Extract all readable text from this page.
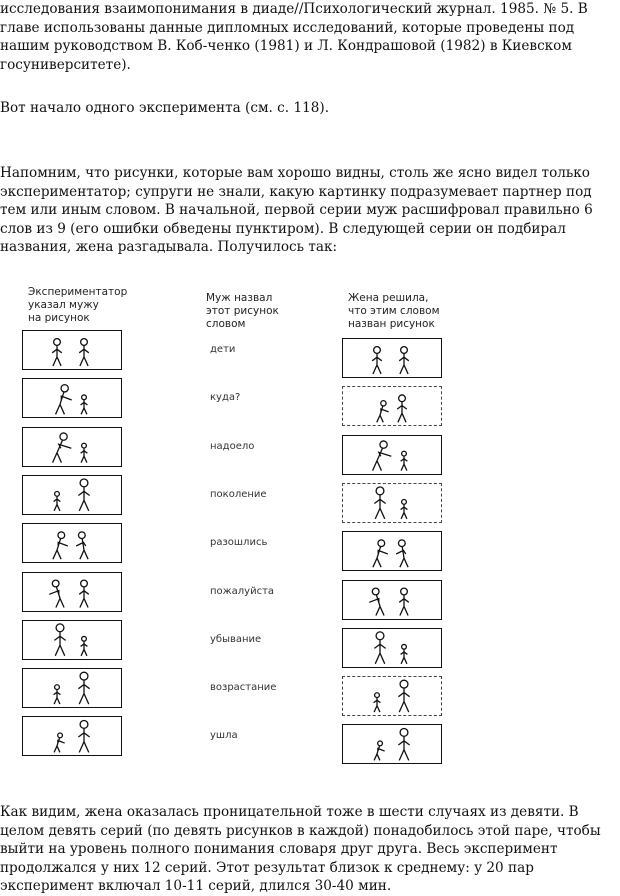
исследования взаимопонимания в диаде//Психологический журнал. 1985. № 5. В главе использованы данные дипломных исследований, которые проведены под нашим руководством В. Коб-ченко (1981) и Л. Кондрашовой (1982) в Киевском госуниверситете).

Вот начало одного эксперимента (см. с. 118).

Напомним, что рисунки, которые вам хорошо видны, столь же ясно видел только экспериментатор; супруги не знали, какую картинку подразумевает партнер под тем или иным словом. В начальной, первой серии муж расшифровал правильно 6 слов из 9 (его ошибки обведены пунктиром). В следующей серии он подбирал названия, жена разгадывала. Получилось так:

Экспериментатор
указал мужу
на рисунок
Муж назвал
этот рисунок
словом
Жена решила,
что этим словом
назван рисунок
дети
куда?
надоело
поколение
разошлись
пожалуйста
убывание
возрастание
ушла

Как видим, жена оказалась проницательной тоже в шести случаях из девяти. В целом девять серий (по девять рисунков в каждой) понадобилось этой паре, чтобы выйти на уровень полного понимания словаря друг друга. Весь эксперимент продолжался у них 12 серий. Этот результат близок к среднему: у 20 пар эксперимент включал 10-11 серий, длился 30-40 мин.
